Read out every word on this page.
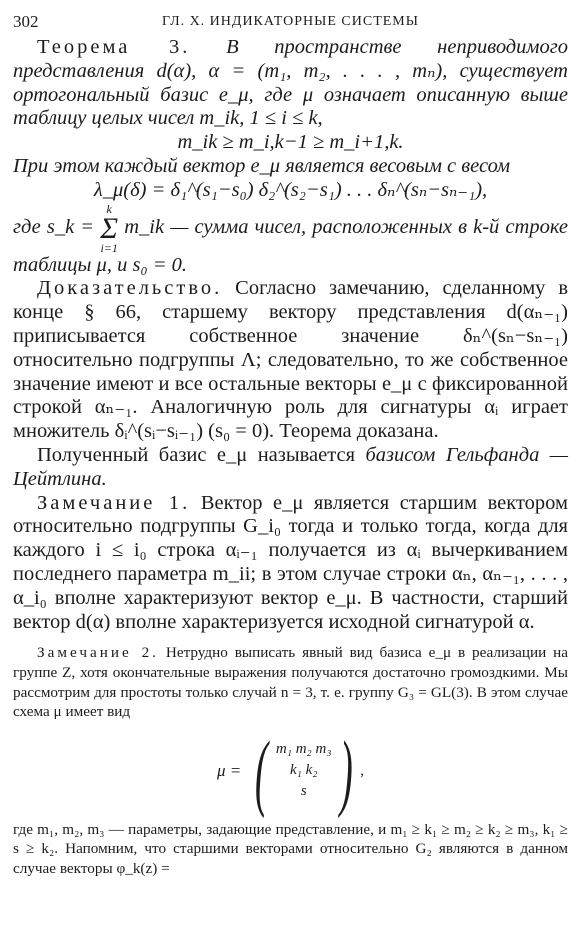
302	ГЛ. X. ИНДИКАТОРНЫЕ СИСТЕМЫ

Теорема 3. В пространстве неприводимого представления d(α), α = (m₁, m₂, . . . , mₙ), существует ортогональный базис e_μ, где μ означает описанную выше таблицу целых чисел m_ik, 1 ≤ i ≤ k,

m_ik ≥ m_i,k−1 ≥ m_i+1,k.

При этом каждый вектор e_μ является весовым с весом

λ_μ(δ) = δ₁^(s₁−s₀) δ₂^(s₂−s₁) . . . δₙ^(sₙ−sₙ₋₁),

где s_k =
k
Σ
i=1
m_ik — сумма чисел, расположенных в k-й строке таблицы μ, и s₀ = 0.

Доказательство. Согласно замечанию, сделанному в конце § 66, старшему вектору представления d(αₙ₋₁) приписывается собственное значение δₙ^(sₙ−sₙ₋₁) относительно подгруппы Λ; следовательно, то же собственное значение имеют и все остальные векторы e_μ с фиксированной строкой αₙ₋₁. Аналогичную роль для сигнатуры αᵢ играет множитель δᵢ^(sᵢ−sᵢ₋₁) (s₀ = 0). Теорема доказана.

Полученный базис e_μ называется базисом Гельфанда — Цейтлина.

Замечание 1. Вектор e_μ является старшим вектором относительно подгруппы G_i₀ тогда и только тогда, когда для каждого i ≤ i₀ строка αᵢ₋₁ получается из αᵢ вычеркиванием последнего параметра m_ii; в этом случае строки αₙ, αₙ₋₁, . . . , α_i₀ вполне характеризуют вектор e_μ. В частности, старший вектор d(α) вполне характеризуется исходной сигнатурой α.

Замечание 2. Нетрудно выписать явный вид базиса e_μ в реализации на группе Z, хотя окончательные выражения получаются достаточно громоздкими. Мы рассмотрим для простоты только случай n = 3, т. е. группу G₃ = GL(3). В этом случае схема μ имеет вид

μ = ( m₁ m₂ m₃
k₁ k₂
s ) ,

где m₁, m₂, m₃ — параметры, задающие представление, и m₁ ≥ k₁ ≥ m₂ ≥ k₂ ≥ m₃, k₁ ≥ s ≥ k₂. Напомним, что старшими векторами относительно G₂ являются в данном случае векторы φ_k(z) =
